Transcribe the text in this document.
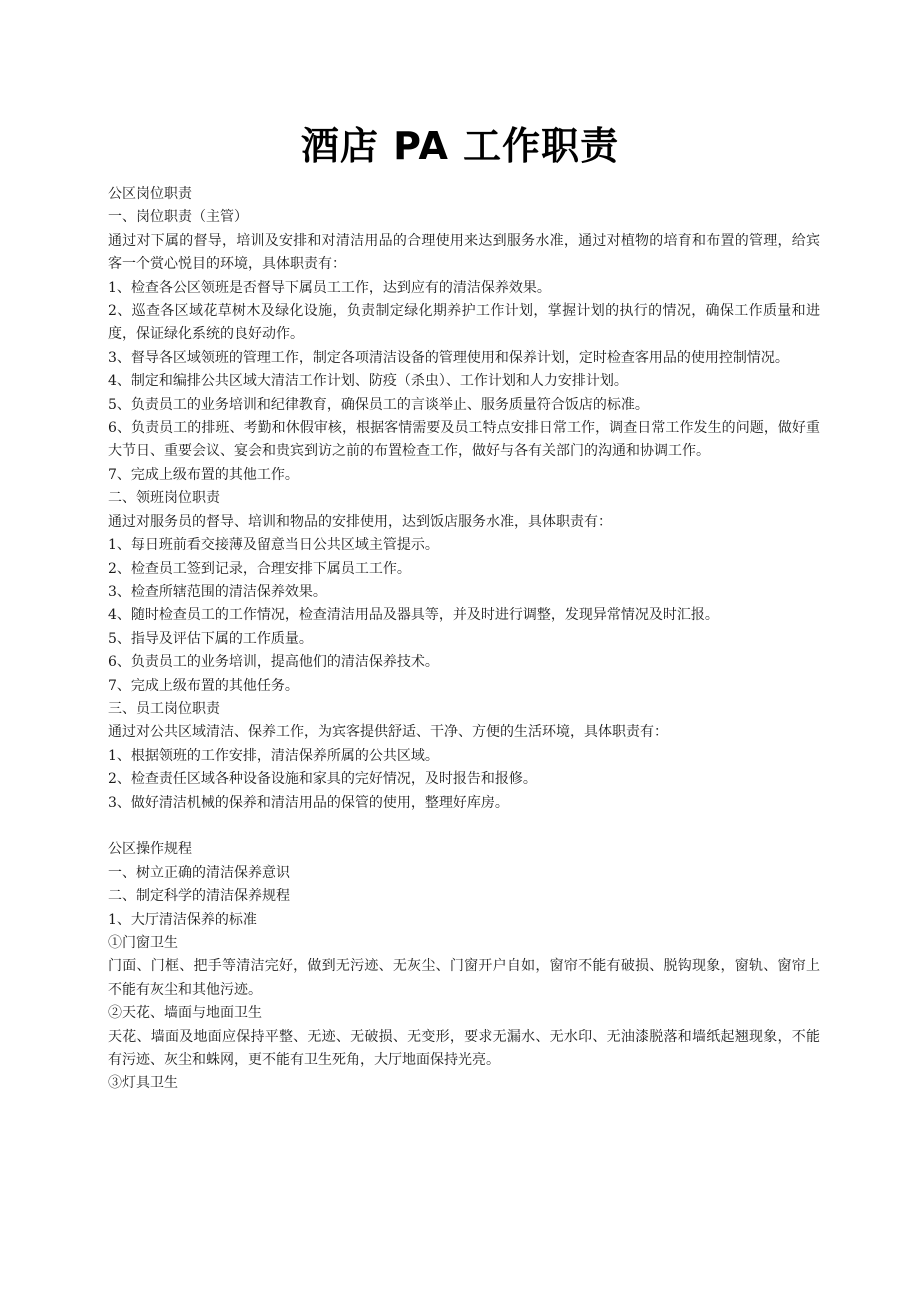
酒店 PA 工作职责
公区岗位职责
一、岗位职责（主管）
通过对下属的督导，培训及安排和对清洁用品的合理使用来达到服务水准，通过对植物的培育和布置的管理，给宾客一个赏心悦目的环境，具体职责有：
1、检查各公区领班是否督导下属员工工作，达到应有的清洁保养效果。
2、巡查各区域花草树木及绿化设施，负责制定绿化期养护工作计划，掌握计划的执行的情况，确保工作质量和进度，保证绿化系统的良好动作。
3、督导各区域领班的管理工作，制定各项清洁设备的管理使用和保养计划，定时检查客用品的使用控制情况。
4、制定和编排公共区域大清洁工作计划、防疫（杀虫）、工作计划和人力安排计划。
5、负责员工的业务培训和纪律教育，确保员工的言谈举止、服务质量符合饭店的标准。
6、负责员工的排班、考勤和休假审核，根据客情需要及员工特点安排日常工作，调查日常工作发生的问题，做好重大节日、重要会议、宴会和贵宾到访之前的布置检查工作，做好与各有关部门的沟通和协调工作。
7、完成上级布置的其他工作。
二、领班岗位职责
通过对服务员的督导、培训和物品的安排使用，达到饭店服务水准，具体职责有：
1、每日班前看交接薄及留意当日公共区域主管提示。
2、检查员工签到记录，合理安排下属员工工作。
3、检查所辖范围的清洁保养效果。
4、随时检查员工的工作情况，检查清洁用品及器具等，并及时进行调整，发现异常情况及时汇报。
5、指导及评估下属的工作质量。
6、负责员工的业务培训，提高他们的清洁保养技术。
7、完成上级布置的其他任务。
三、员工岗位职责
通过对公共区域清洁、保养工作，为宾客提供舒适、干净、方便的生活环境，具体职责有：
1、根据领班的工作安排，清洁保养所属的公共区域。
2、检查责任区域各种设备设施和家具的完好情况，及时报告和报修。
3、做好清洁机械的保养和清洁用品的保管的使用，整理好库房。
公区操作规程
一、树立正确的清洁保养意识
二、制定科学的清洁保养规程
1、大厅清洁保养的标准
①门窗卫生
门面、门框、把手等清洁完好，做到无污迹、无灰尘、门窗开户自如，窗帘不能有破损、脱钩现象，窗轨、窗帘上不能有灰尘和其他污迹。
②天花、墙面与地面卫生
天花、墙面及地面应保持平整、无迹、无破损、无变形，要求无漏水、无水印、无油漆脱落和墙纸起翘现象，不能有污迹、灰尘和蛛网，更不能有卫生死角，大厅地面保持光亮。
③灯具卫生
